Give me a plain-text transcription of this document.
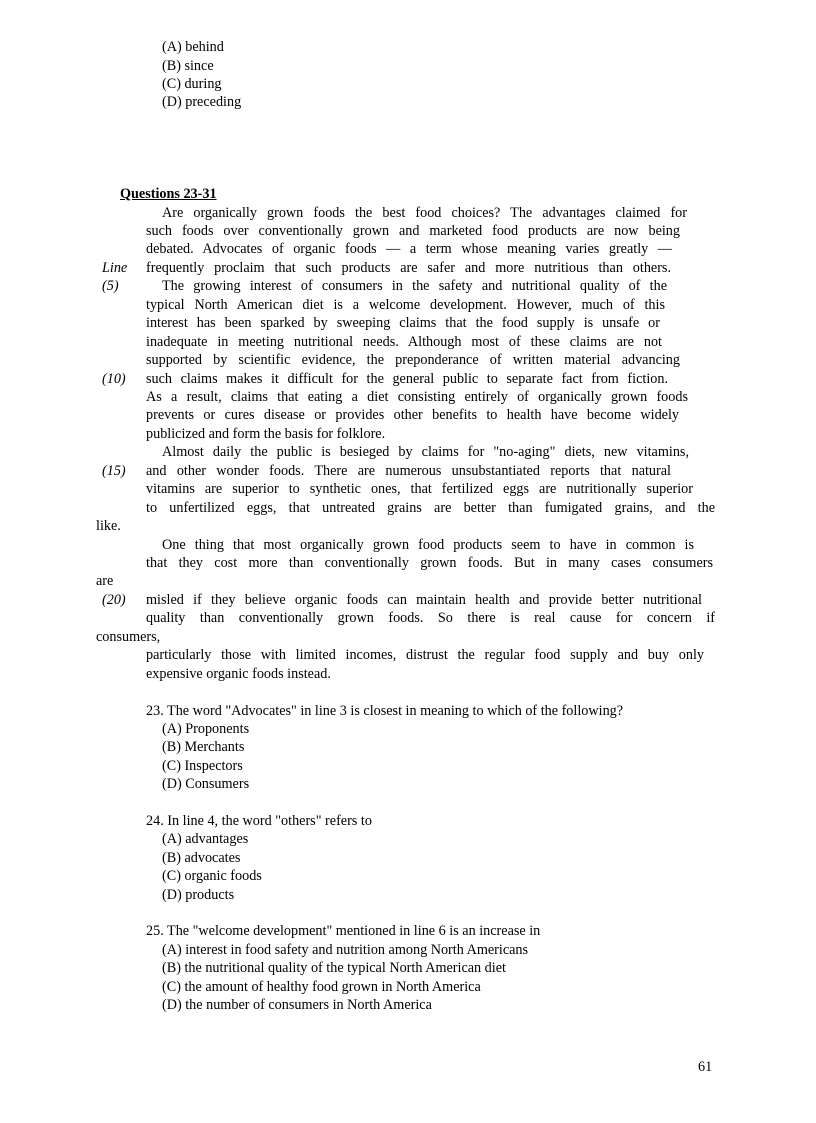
(A) behind
(B) since
(C) during
(D) preceding
Questions 23-31
Are organically grown foods the best food choices? The advantages claimed for
such foods over conventionally grown and marketed food products are now being
debated. Advocates of organic foods — a term whose meaning varies greatly —
frequently proclaim that such products are safer and more nutritious than others.
The growing interest of consumers in the safety and nutritional quality of the
typical North American diet is a welcome development. However, much of this
interest has been sparked by sweeping claims that the food supply is unsafe or
inadequate in meeting nutritional needs. Although most of these claims are not
supported by scientific evidence, the preponderance of written material advancing
such claims makes it difficult for the general public to separate fact from fiction.
As a result, claims that eating a diet consisting entirely of organically grown foods
prevents or cures disease or provides other benefits to health have become widely
publicized and form the basis for folklore.
Almost daily the public is besieged by claims for "no-aging" diets, new vitamins,
and other wonder foods. There are numerous unsubstantiated reports that natural
vitamins are superior to synthetic ones, that fertilized eggs are nutritionally superior
to unfertilized eggs, that untreated grains are better than fumigated grains, and the
like.
One thing that most organically grown food products seem to have in common is
that they cost more than conventionally grown foods. But in many cases consumers
are
misled if they believe organic foods can maintain health and provide better nutritional
quality than conventionally grown foods. So there is real cause for concern if
consumers,
particularly those with limited incomes, distrust the regular food supply and buy only
expensive organic foods instead.
Line
(5)
(10)
(15)
(20)
23. The word "Advocates" in line 3 is closest in meaning to which of the following?
(A) Proponents
(B) Merchants
(C) Inspectors
(D) Consumers
24. In line 4, the word "others" refers to
(A) advantages
(B) advocates
(C) organic foods
(D) products
25. The "welcome development" mentioned in line 6 is an increase in
(A) interest in food safety and nutrition among North Americans
(B) the nutritional quality of the typical North American diet
(C) the amount of healthy food grown in North America
(D) the number of consumers in North America
61
